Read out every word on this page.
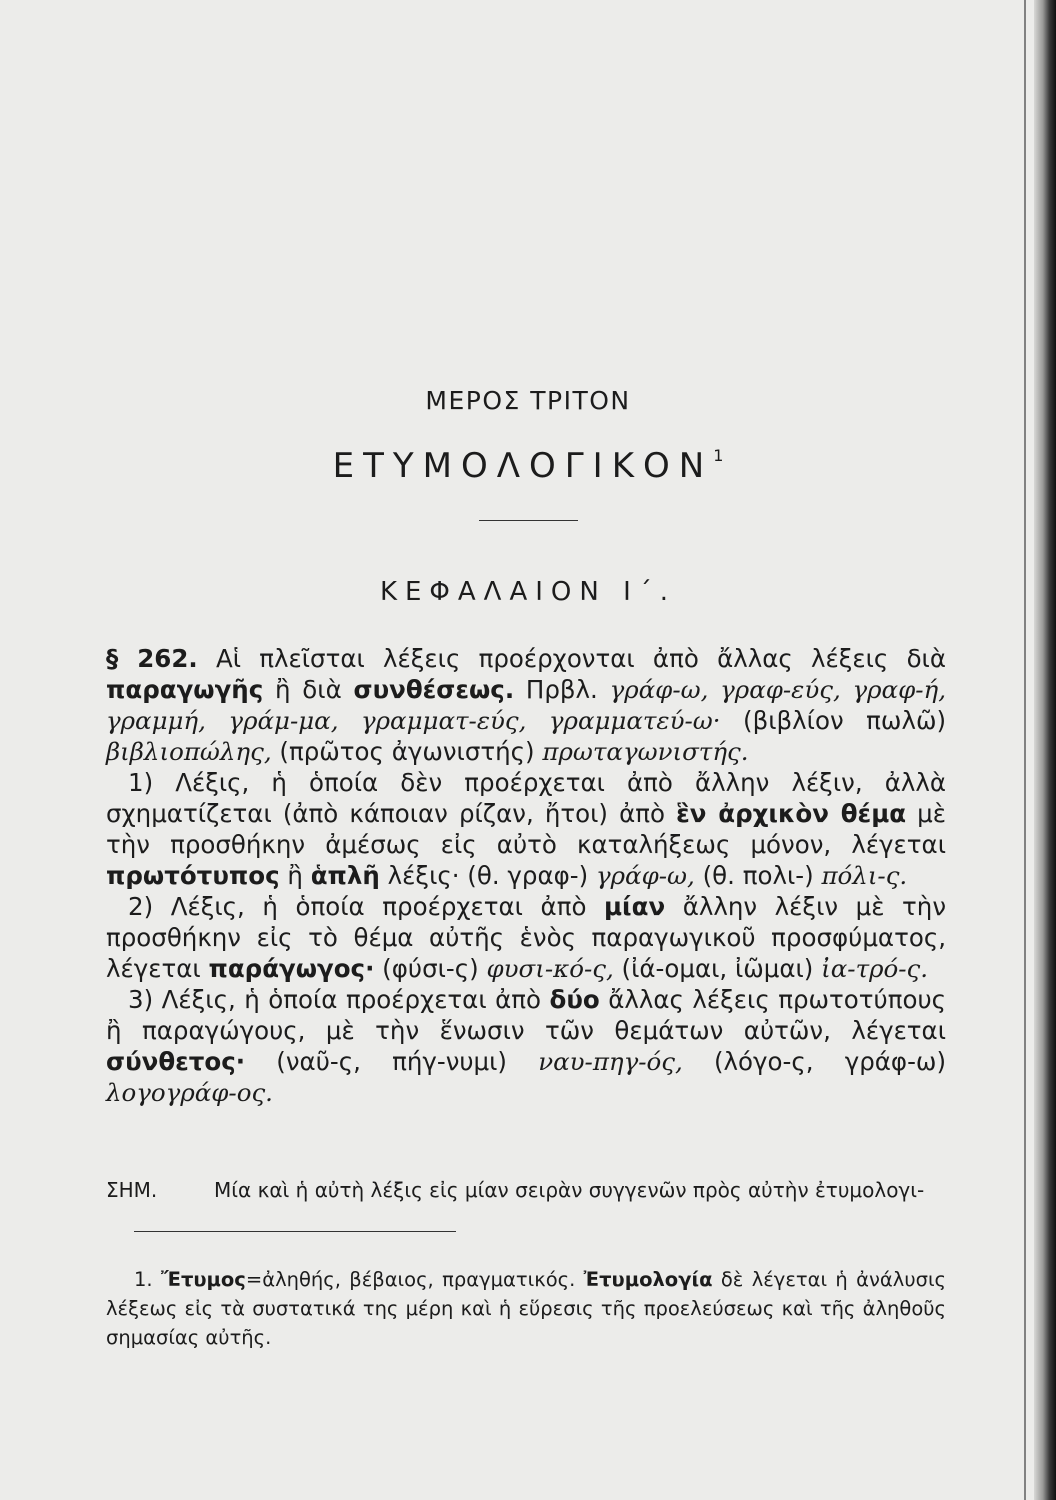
ΜΕΡΟΣ ΤΡΙΤΟΝ
ΕΤΥΜΟΛΟΓΙΚΟΝ$^1$
ΚΕΦΑΛΑΙΟΝ Ι΄.

§ 262. Αἱ πλεῖσται λέξεις προέρχονται ἀπὸ ἄλλας λέξεις διὰ παραγωγῆς ἢ διὰ συνθέσεως. Πρβλ. γράφ-ω, γραφ-εύς, γραφ-ή, γραμμή, γράμ-μα, γραμματ-εύς, γραμματεύ-ω· (βιβλίον πωλῶ) βιβλιοπώλης, (πρῶτος ἀγωνιστής) πρωταγωνιστής.

1) Λέξις, ἡ ὁποία δὲν προέρχεται ἀπὸ ἄλλην λέξιν, ἀλλὰ σχηματίζεται (ἀπὸ κάποιαν ρίζαν, ἤτοι) ἀπὸ ἓν ἀρχικὸν θέμα μὲ τὴν προσθήκην ἀμέσως εἰς αὐτὸ καταλήξεως μόνον, λέγεται πρωτότυπος ἢ ἁπλῆ λέξις· (θ. γραφ-) γράφ-ω, (θ. πολι-) πόλι-ς.

2) Λέξις, ἡ ὁποία προέρχεται ἀπὸ μίαν ἄλλην λέξιν μὲ τὴν προσθήκην εἰς τὸ θέμα αὐτῆς ἑνὸς παραγωγικοῦ προσφύματος, λέγεται παράγωγος· (φύσι-ς) φυσι-κό-ς, (ἰά-ομαι, ἰῶμαι) ἰα-τρό-ς.

3) Λέξις, ἡ ὁποία προέρχεται ἀπὸ δύο ἄλλας λέξεις πρωτοτύπους ἢ παραγώγους, μὲ τὴν ἕνωσιν τῶν θεμάτων αὐτῶν, λέγεται σύνθετος· (ναῦ-ς, πήγ-νυμι) ναυ-πηγ-ός, (λόγο-ς, γράφ-ω) λογογράφ-ος.

ΣΗΜ.	Μία καὶ ἡ αὐτὴ λέξις εἰς μίαν σειρὰν συγγενῶν πρὸς αὐτὴν ἐτυμολογι-

1. Ἔτυμος=ἀληθής, βέβαιος, πραγματικός. Ἐτυμολογία δὲ λέγεται ἡ ἀνάλυσις λέξεως εἰς τὰ συστατικά της μέρη καὶ ἡ εὕρεσις τῆς προελεύσεως καὶ τῆς ἀληθοῦς σημασίας αὐτῆς.
